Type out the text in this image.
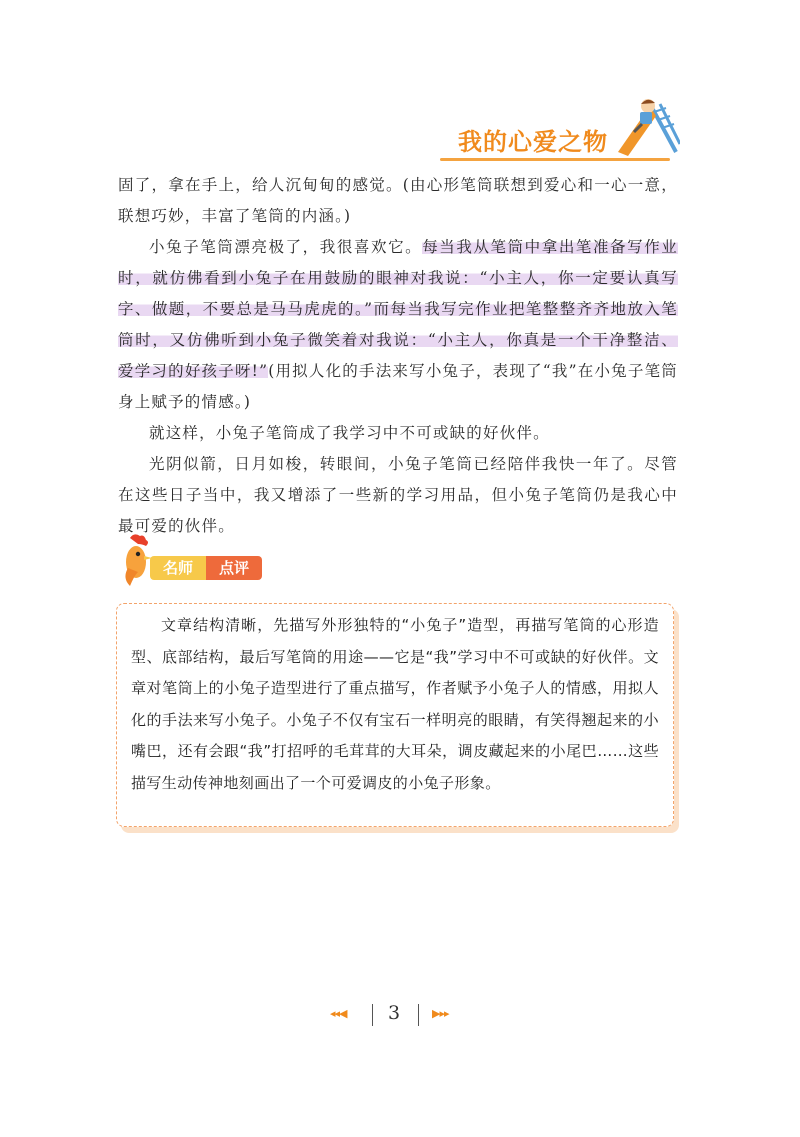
我的心爱之物

固了，拿在手上，给人沉甸甸的感觉。(由心形笔筒联想到爱心和一心一意，联想巧妙，丰富了笔筒的内涵。)

小兔子笔筒漂亮极了，我很喜欢它。每当我从笔筒中拿出笔准备写作业时，就仿佛看到小兔子在用鼓励的眼神对我说：“小主人，你一定要认真写字、做题，不要总是马马虎虎的。”而每当我写完作业把笔整整齐齐地放入笔筒时，又仿佛听到小兔子微笑着对我说：“小主人，你真是一个干净整洁、爱学习的好孩子呀!”(用拟人化的手法来写小兔子，表现了“我”在小兔子笔筒身上赋予的情感。)

就这样，小兔子笔筒成了我学习中不可或缺的好伙伴。

光阴似箭，日月如梭，转眼间，小兔子笔筒已经陪伴我快一年了。尽管在这些日子当中，我又增添了一些新的学习用品，但小兔子笔筒仍是我心中最可爱的伙伴。

名师	点评
文章结构清晰，先描写外形独特的“小兔子”造型，再描写笔筒的心形造型、底部结构，最后写笔筒的用途——它是“我”学习中不可或缺的好伙伴。文章对笔筒上的小兔子造型进行了重点描写，作者赋予小兔子人的情感，用拟人化的手法来写小兔子。小兔子不仅有宝石一样明亮的眼睛，有笑得翘起来的小嘴巴，还有会跟“我”打招呼的毛茸茸的大耳朵，调皮藏起来的小尾巴……这些描写生动传神地刻画出了一个可爱调皮的小兔子形象。
◂◂◀ 3	▶▸▸
